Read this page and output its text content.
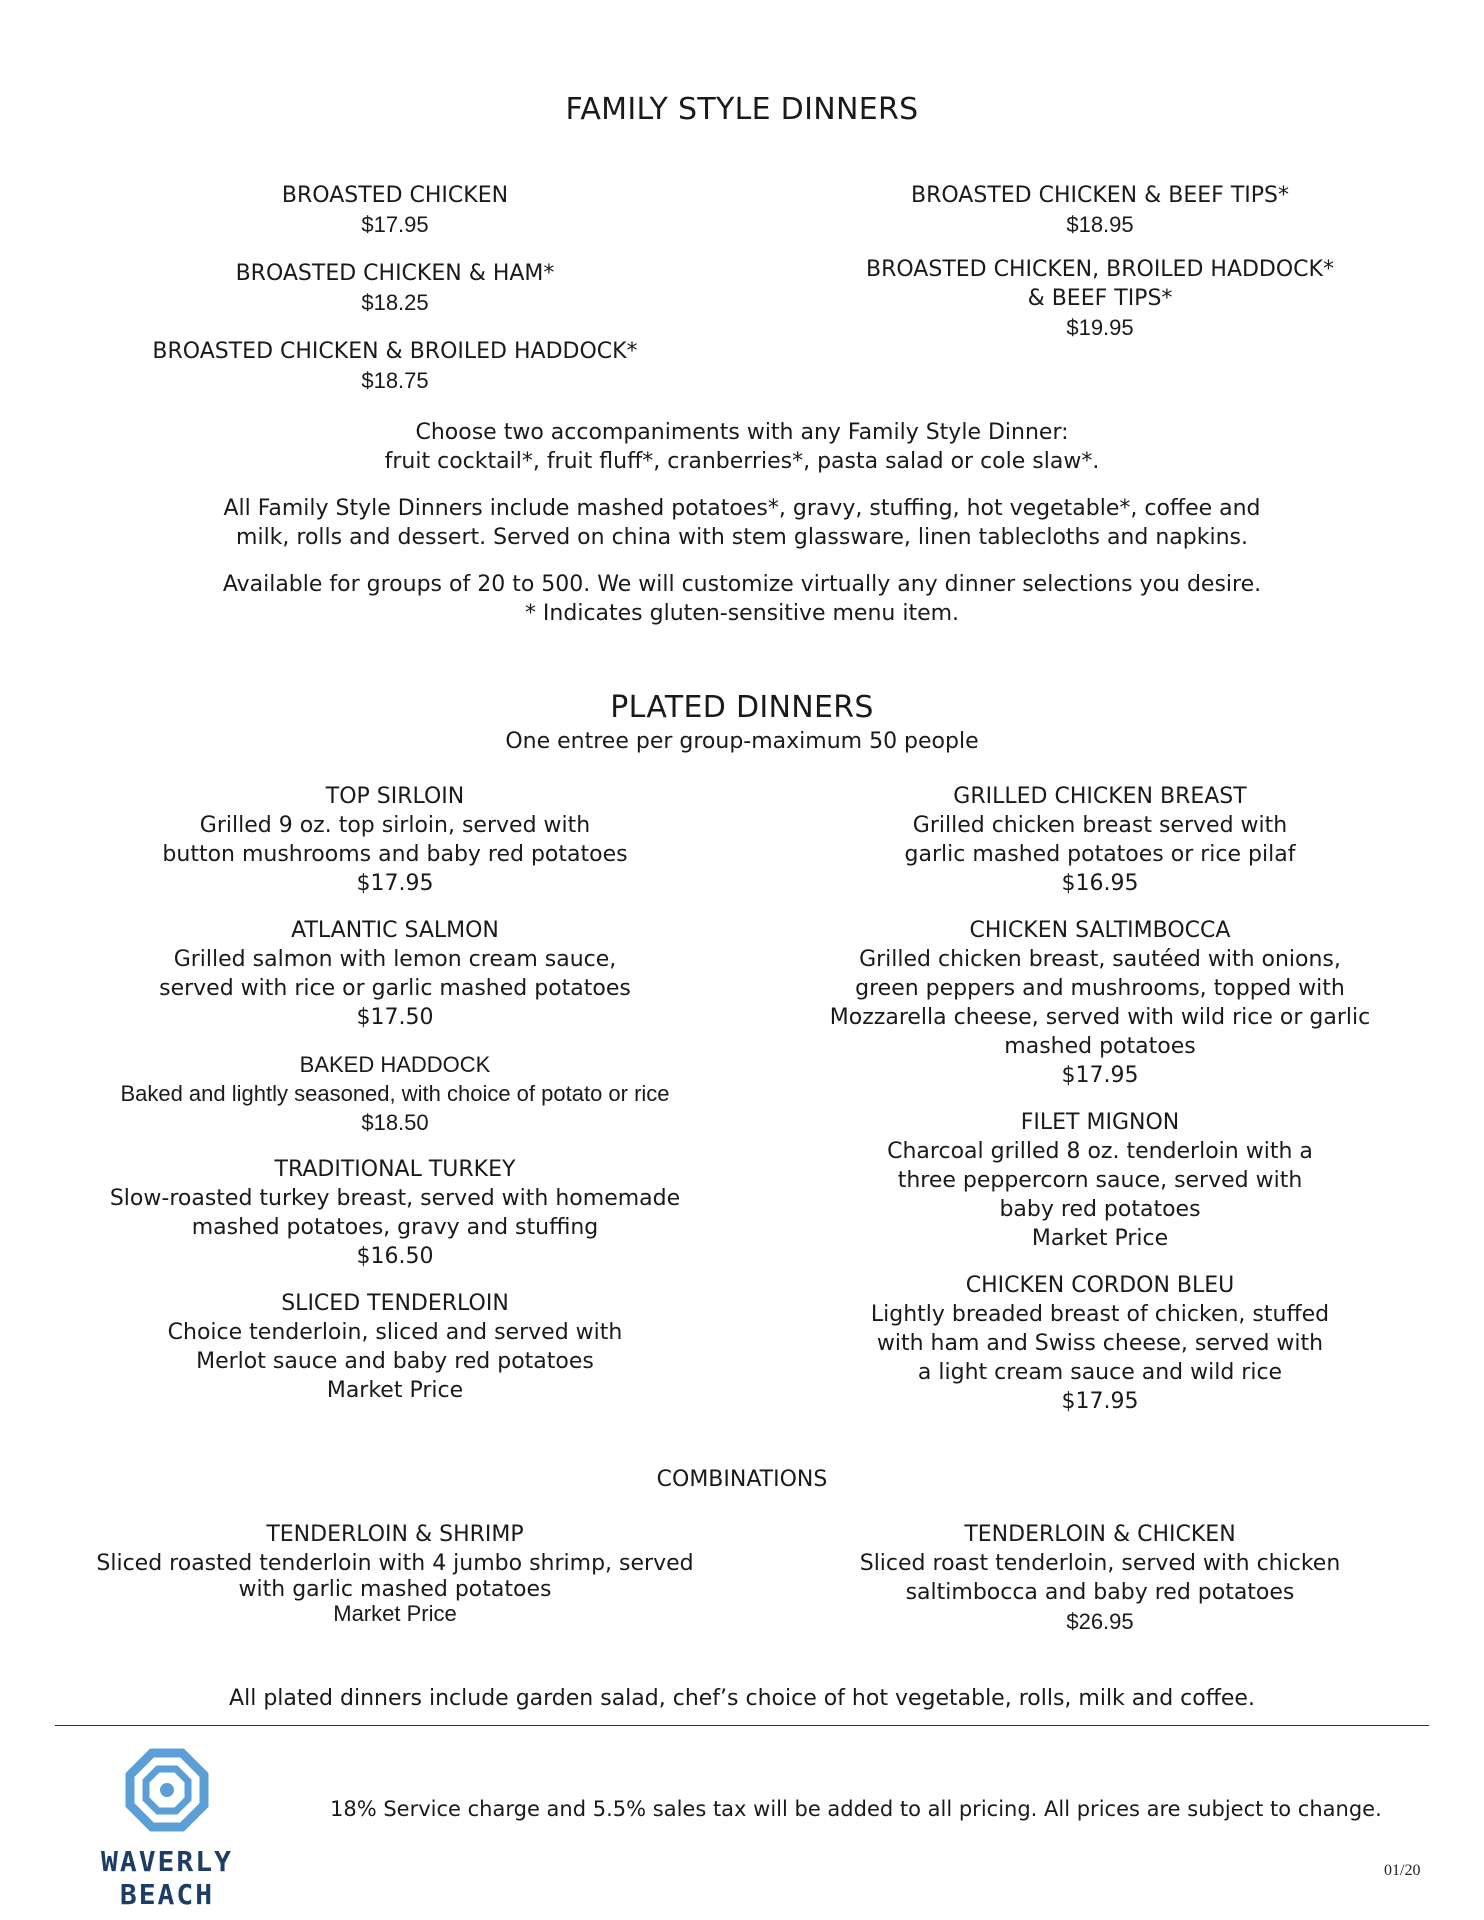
FAMILY STYLE DINNERS
BROASTED CHICKEN
$17.95
BROASTED CHICKEN & HAM*
$18.25
BROASTED CHICKEN & BROILED HADDOCK*
$18.75
BROASTED CHICKEN & BEEF TIPS*
$18.95
BROASTED CHICKEN, BROILED HADDOCK*
& BEEF TIPS*
$19.95
Choose two accompaniments with any Family Style Dinner:
fruit cocktail*, fruit fluff*, cranberries*, pasta salad or cole slaw*.
All Family Style Dinners include mashed potatoes*, gravy, stuffing, hot vegetable*, coffee and
milk, rolls and dessert. Served on china with stem glassware, linen tablecloths and napkins.
Available for groups of 20 to 500. We will customize virtually any dinner selections you desire.
* Indicates gluten-sensitive menu item.
PLATED DINNERS
One entree per group-maximum 50 people
TOP SIRLOIN
Grilled 9 oz. top sirloin, served with
button mushrooms and baby red potatoes
$17.95
ATLANTIC SALMON
Grilled salmon with lemon cream sauce,
served with rice or garlic mashed potatoes
$17.50
BAKED HADDOCK
Baked and lightly seasoned, with choice of potato or rice
$18.50
TRADITIONAL TURKEY
Slow-roasted turkey breast, served with homemade
mashed potatoes, gravy and stuffing
$16.50
SLICED TENDERLOIN
Choice tenderloin, sliced and served with
Merlot sauce and baby red potatoes
Market Price
GRILLED CHICKEN BREAST
Grilled chicken breast served with
garlic mashed potatoes or rice pilaf
$16.95
CHICKEN SALTIMBOCCA
Grilled chicken breast, sautéed with onions,
green peppers and mushrooms, topped with
Mozzarella cheese, served with wild rice or garlic
mashed potatoes
$17.95
FILET MIGNON
Charcoal grilled 8 oz. tenderloin with a
three peppercorn sauce, served with
baby red potatoes
Market Price
CHICKEN CORDON BLEU
Lightly breaded breast of chicken, stuffed
with ham and Swiss cheese, served with
a light cream sauce and wild rice
$17.95
COMBINATIONS
TENDERLOIN & SHRIMP
Sliced roasted tenderloin with 4 jumbo shrimp, served
with garlic mashed potatoes
Market Price
TENDERLOIN & CHICKEN
Sliced roast tenderloin, served with chicken
saltimbocca and baby red potatoes
$26.95
All plated dinners include garden salad, chef’s choice of hot vegetable, rolls, milk and coffee.
WAVERLY BEACH
18% Service charge and 5.5% sales tax will be added to all pricing. All prices are subject to change.
01/20
